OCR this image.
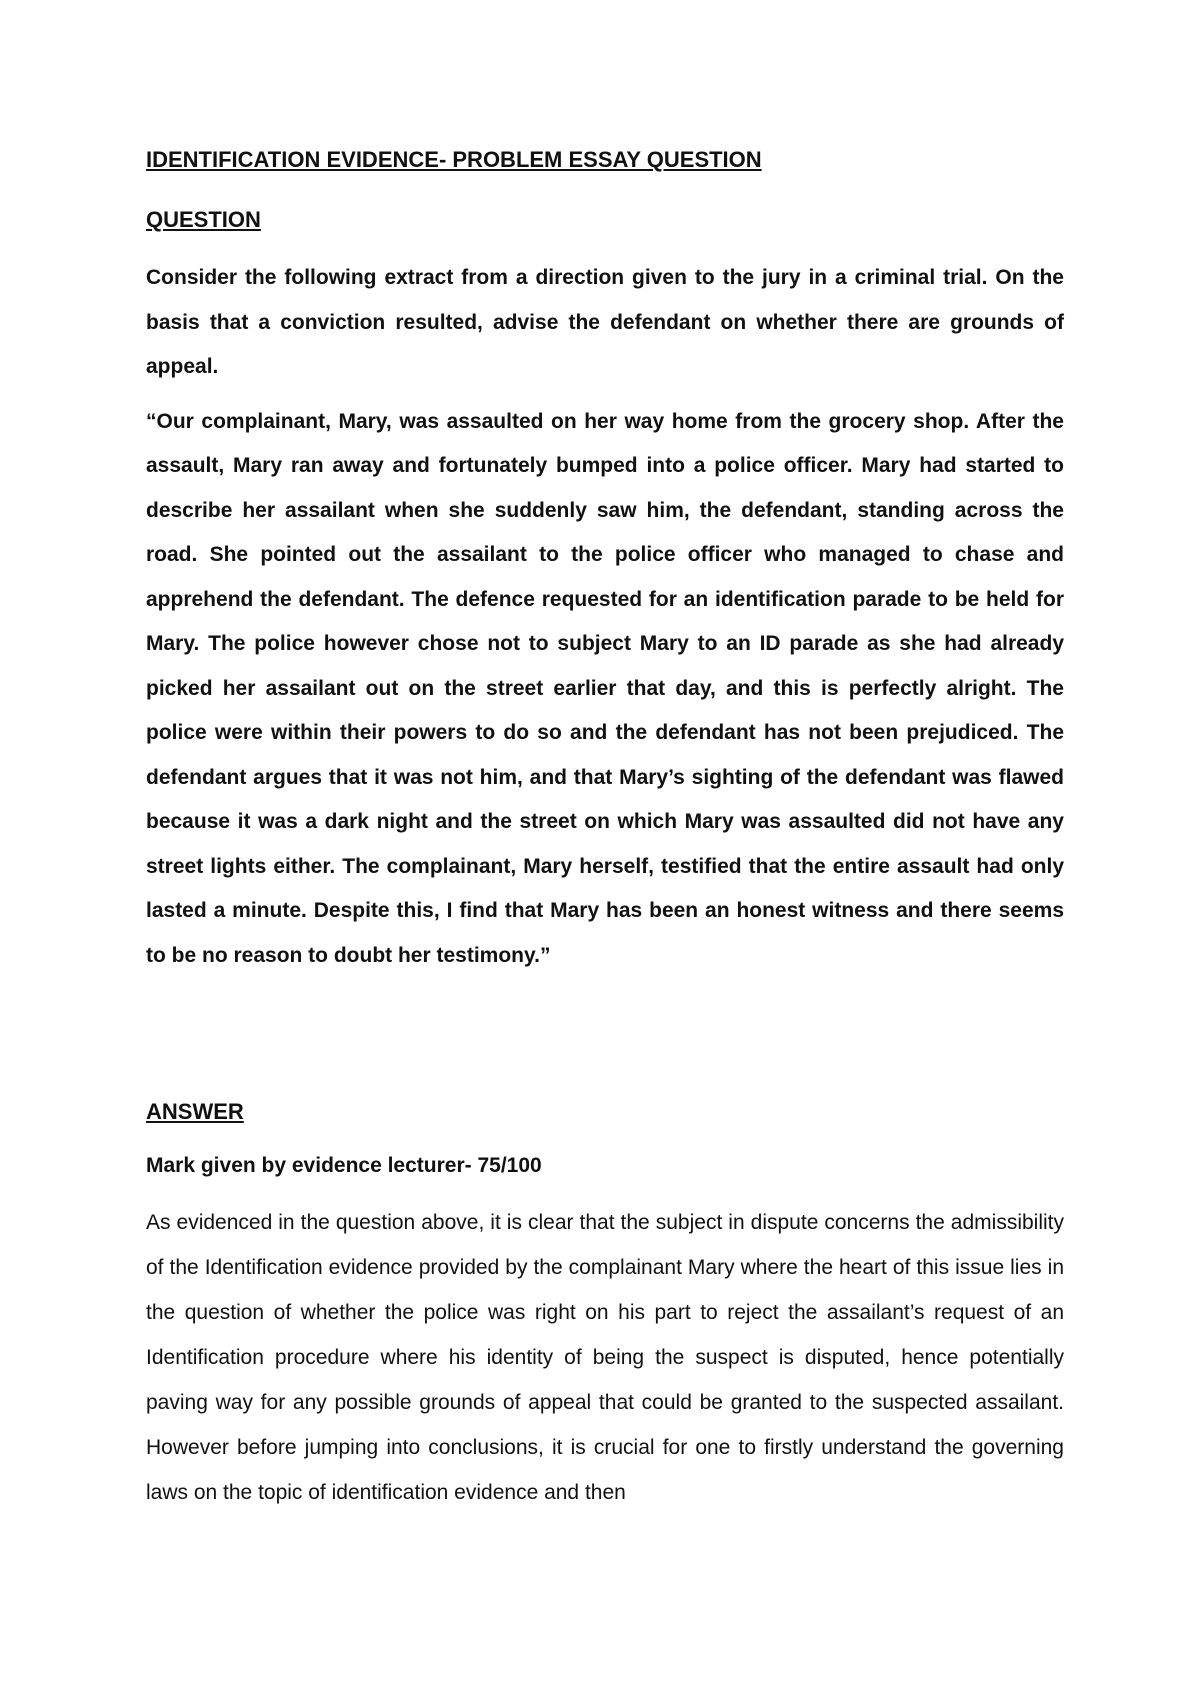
IDENTIFICATION EVIDENCE- PROBLEM ESSAY QUESTION

QUESTION

Consider the following extract from a direction given to the jury in a criminal trial. On the basis that a conviction resulted, advise the defendant on whether there are grounds of appeal.

“Our complainant, Mary, was assaulted on her way home from the grocery shop. After the assault, Mary ran away and fortunately bumped into a police officer. Mary had started to describe her assailant when she suddenly saw him, the defendant, standing across the road. She pointed out the assailant to the police officer who managed to chase and apprehend the defendant. The defence requested for an identification parade to be held for Mary. The police however chose not to subject Mary to an ID parade as she had already picked her assailant out on the street earlier that day, and this is perfectly alright. The police were within their powers to do so and the defendant has not been prejudiced. The defendant argues that it was not him, and that Mary’s sighting of the defendant was flawed because it was a dark night and the street on which Mary was assaulted did not have any street lights either. The complainant, Mary herself, testified that the entire assault had only lasted a minute. Despite this, I find that Mary has been an honest witness and there seems to be no reason to doubt her testimony.”

ANSWER

Mark given by evidence lecturer- 75/100

As evidenced in the question above, it is clear that the subject in dispute concerns the admissibility of the Identification evidence provided by the complainant Mary where the heart of this issue lies in the question of whether the police was right on his part to reject the assailant’s request of an Identification procedure where his identity of being the suspect is disputed, hence potentially paving way for any possible grounds of appeal that could be granted to the suspected assailant. However before jumping into conclusions, it is crucial for one to firstly understand the governing laws on the topic of identification evidence and then
